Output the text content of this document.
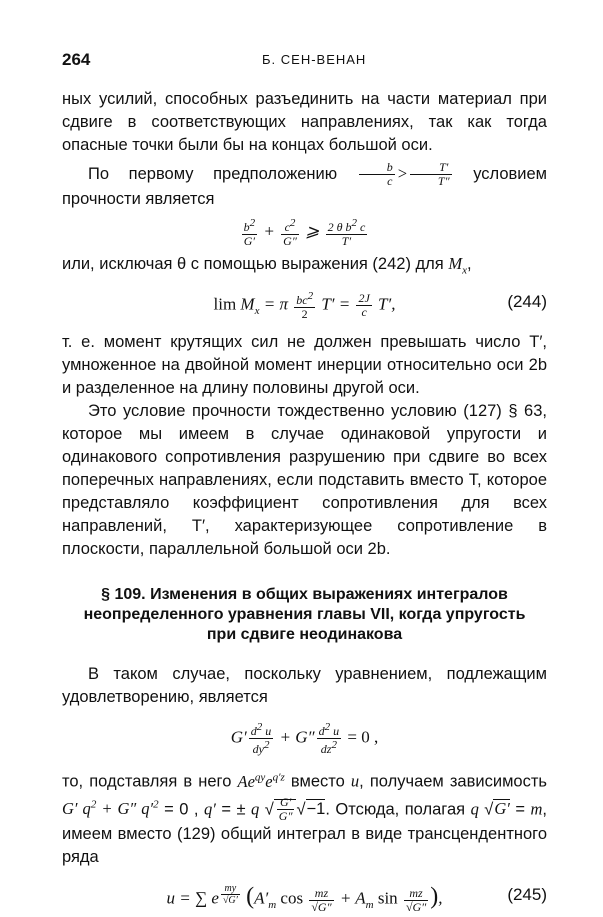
264	Б. СЕН-ВЕНАН

ных усилий, способных разъединить на части материал при сдвиге в соответствующих направлениях, так как тогда опасные точки были бы на концах большой оси.

По первому предположению $\frac{b}{c} > \frac{T'}{T''}$ условием прочности является

$\frac{b2}{G'} + \frac{c2}{G''}$ ⩾ $\frac{\text{2 θ b2 c}}{T'}$

или, исключая θ с помощью выражения (242) для $M_x$,

$\lim M_x = \pi \frac{bc2}{2} T' = \frac{2J}{c} T'$,	(244)

т. е. момент крутящих сил не должен превышать число T′, умноженное на двойной момент инерции относительно оси 2b и разделенное на длину половины другой оси.

Это условие прочности тождественно условию (127) § 63, которое мы имеем в случае одинаковой упругости и одинакового сопротивления разрушению при сдвиге во всех поперечных направлениях, если подставить вместо T, которое представляло коэффициент сопротивления для всех направлений, T′, характеризующее сопротивление в плоскости, параллельной большой оси 2b.

§ 109. Изменения в общих выражениях интегралов неопределенного уравнения главы VII, когда упругость при сдвиге неодинакова

В таком случае, поскольку уравнением, подлежащим удовлетворению, является

$G' \frac{d2 u}{dy2} + G'' \frac{d2 u}{dz2} = 0$ ,

то, подставляя в него $Ae^{qy}e^{q'z}$ вместо u, получаем зависимость G′ $q^2 + G''$ $q'^2 = 0$ , q′ = ± q √ $\frac{G'}{G''} √-1$. Отсюда, полагая q √G′ = m, имеем вместо (129) общий интеграл в виде трансцендентного ряда

u = ∑ e $^{\frac{my}{√G'}}$ ($A'_m$ $\cos \frac{mz}{√G''} + A_m$ $\sin \frac{mz}{√G''}$ ),	(245)
